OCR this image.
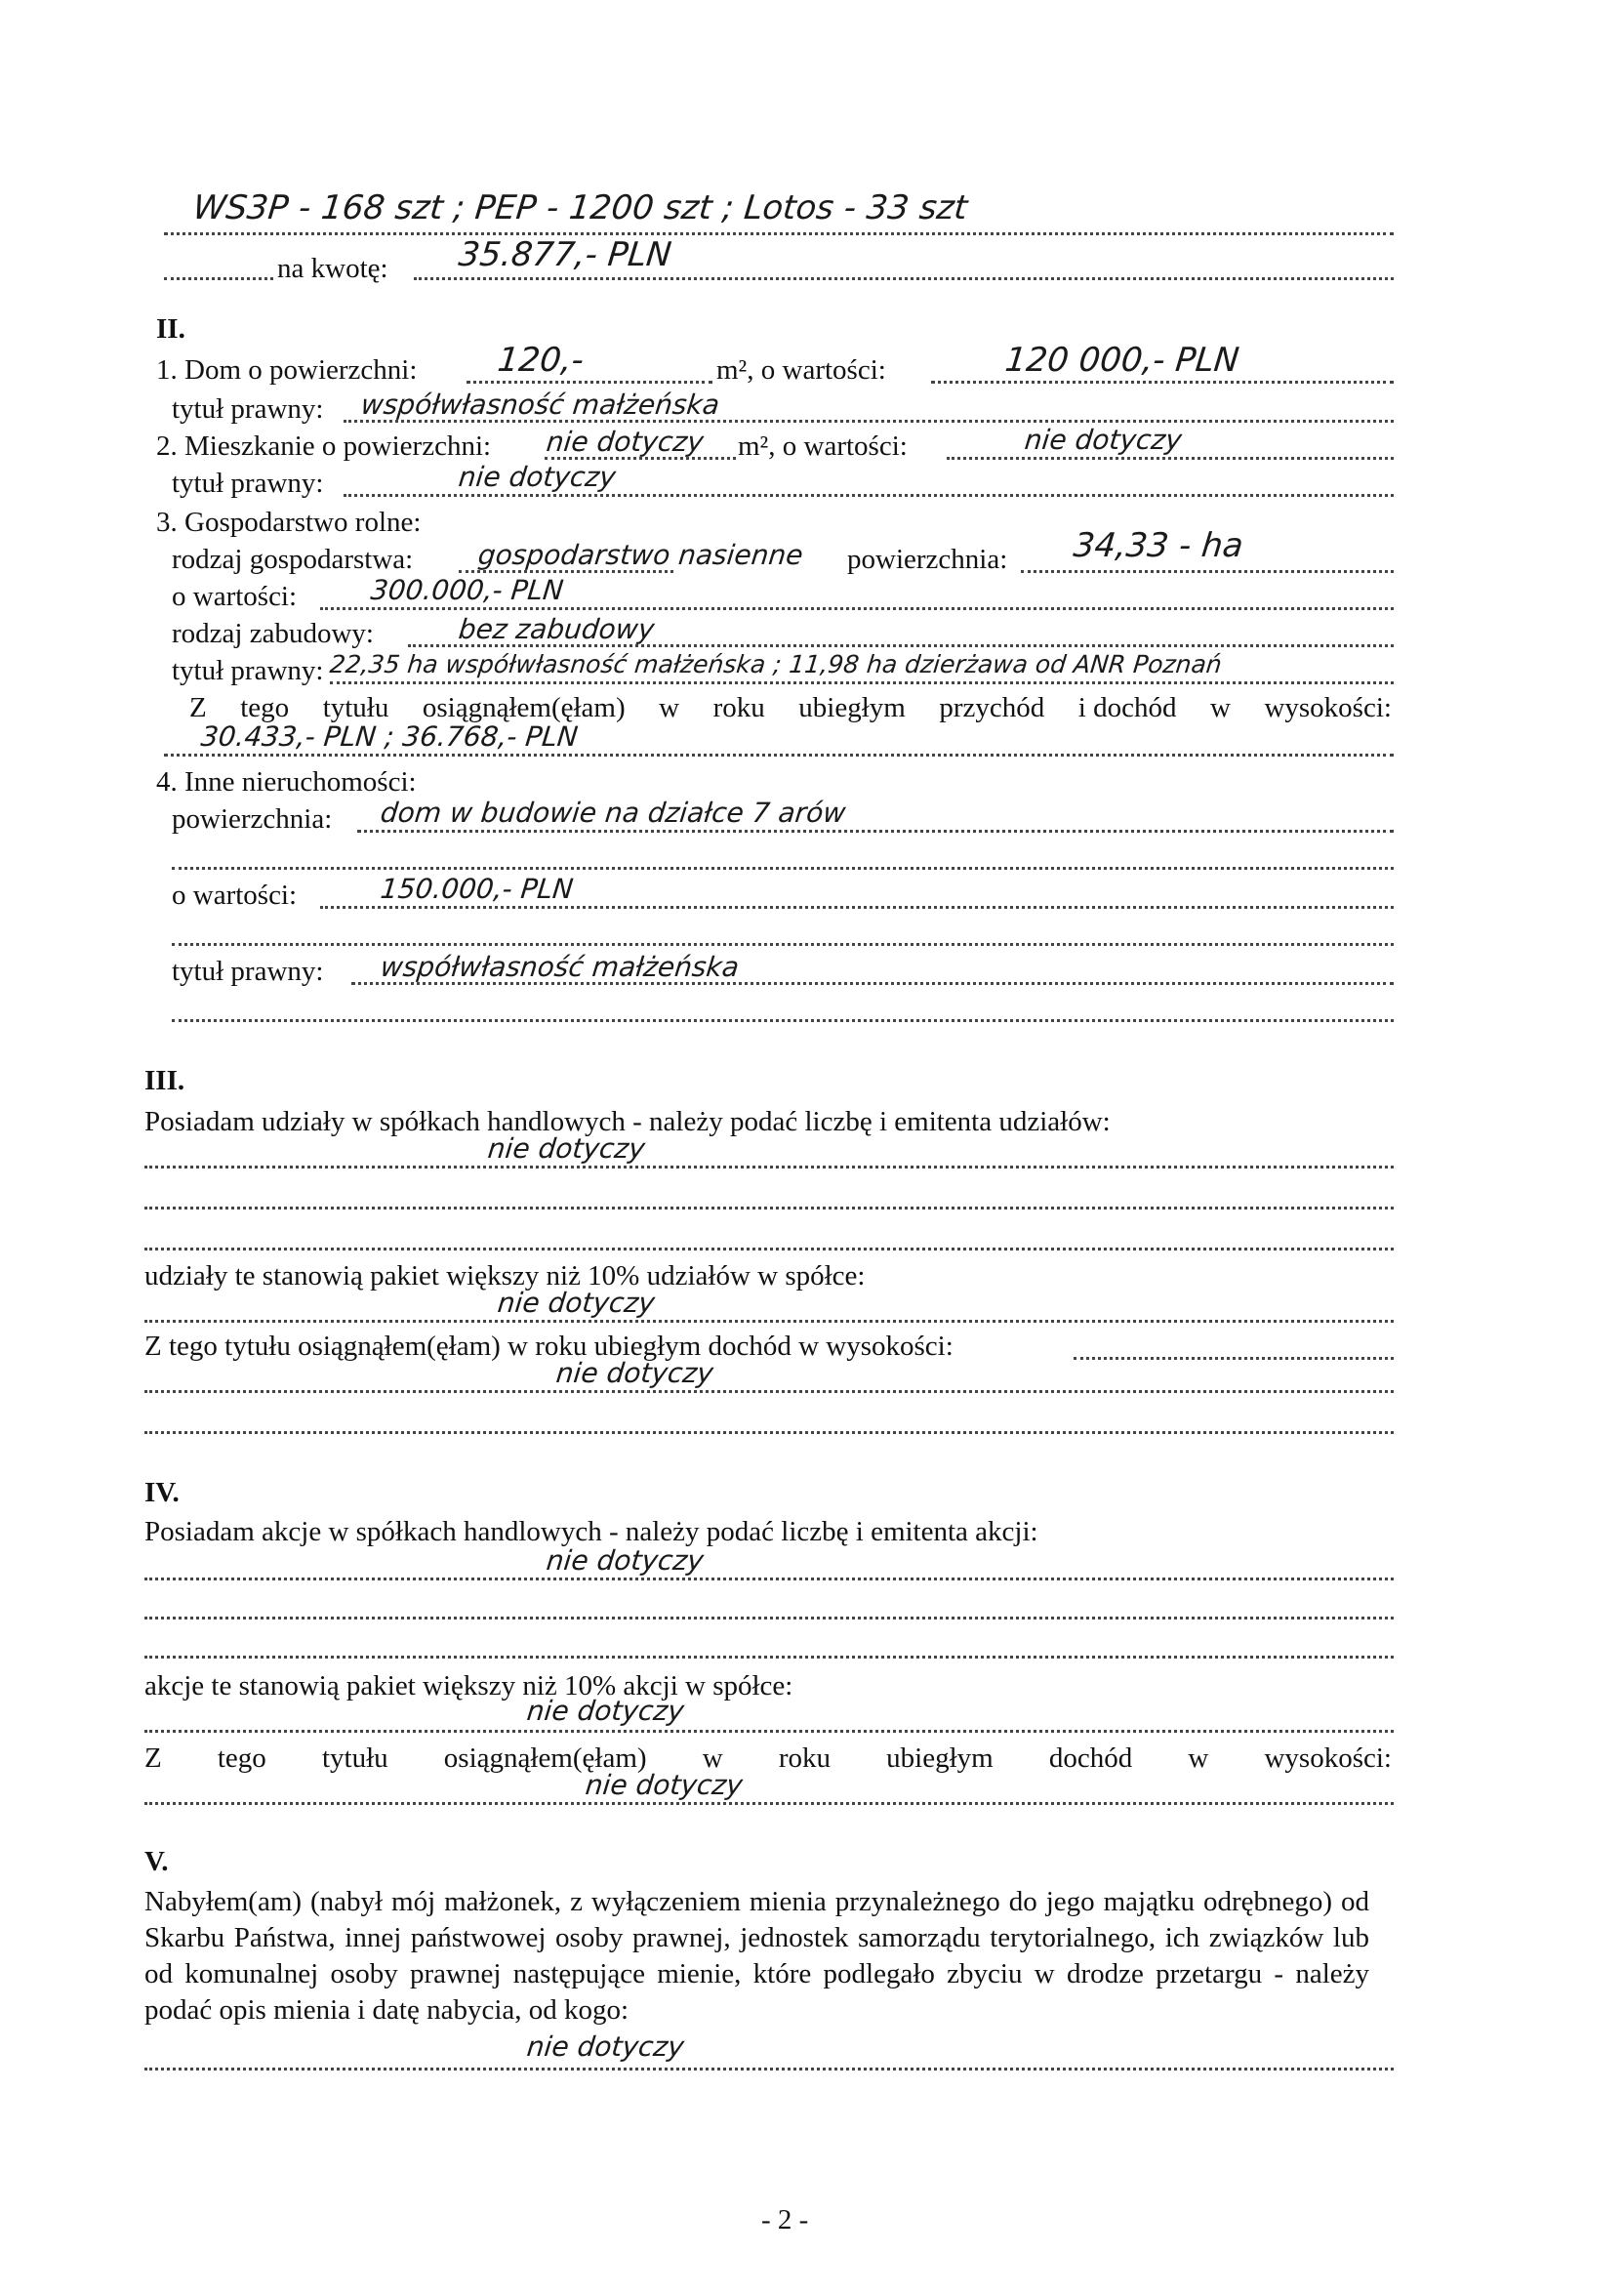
WS3P - 168 szt ; PEP - 1200 szt ; Lotos - 33 szt
na kwotę: 35.877,- PLN
II.
1. Dom o powierzchni: 120,-	m², o wartości:	120 000,- PLN
tytuł prawny: współwłasność małżeńska
2. Mieszkanie o powierzchni: nie dotyczy m², o wartości:	nie dotyczy
tytuł prawny:	nie dotyczy
3. Gospodarstwo rolne:
rodzaj gospodarstwa: gospodarstwo nasienne powierzchnia: 34,33 - ha
o wartości:	300.000,- PLN
rodzaj zabudowy:	bez zabudowy
tytuł prawny: 22,35 ha współwłasność małżeńska ; 11,98 ha dzierżawa od ANR Poznań
Z tego tytułu osiągnąłem(ęłam) w roku ubiegłym przychód i dochód w wysokości:
30.433,- PLN ; 36.768,- PLN
4. Inne nieruchomości:
powierzchnia: dom w budowie na działce 7 arów
o wartości:	150.000,- PLN
tytuł prawny: współwłasność małżeńska
III.
Posiadam udziały w spółkach handlowych - należy podać liczbę i emitenta udziałów:
nie dotyczy
udziały te stanowią pakiet większy niż 10% udziałów w spółce:
nie dotyczy
Z tego tytułu osiągnąłem(ęłam) w roku ubiegłym dochód w wysokości:
nie dotyczy
IV.
Posiadam akcje w spółkach handlowych - należy podać liczbę i emitenta akcji:
nie dotyczy
akcje te stanowią pakiet większy niż 10% akcji w spółce:
nie dotyczy
Z tego tytułu osiągnąłem(ęłam) w roku ubiegłym dochód w wysokości:
nie dotyczy
V.
Nabyłem(am) (nabył mój małżonek, z wyłączeniem mienia przynależnego do jego majątku odrębnego) od Skarbu Państwa, innej państwowej osoby prawnej, jednostek samorządu terytorialnego, ich związków lub od komunalnej osoby prawnej następujące mienie, które podlegało zbyciu w drodze przetargu - należy podać opis mienia i datę nabycia, od kogo:
nie dotyczy
- 2 -
